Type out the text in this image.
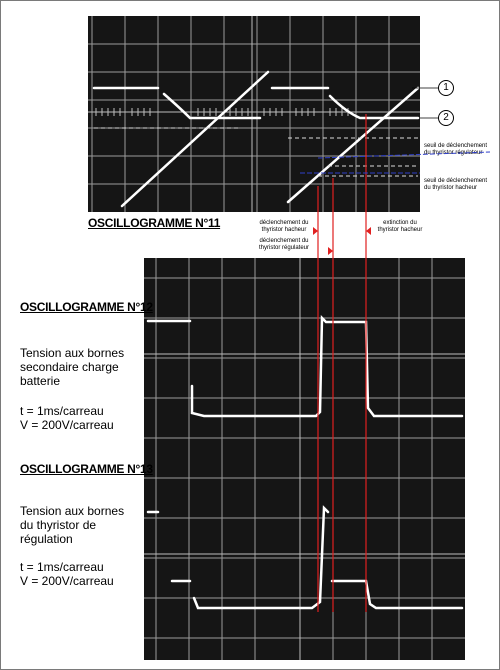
1
2
seuil de déclenchement
du thyristor régulateur
seuil de déclenchement
du thyristor hacheur
OSCILLOGRAMME N°11	déclenchement du
thyristor hacheur
déclenchement du
thyristor régulateur
extinction du
thyristor hacheur
OSCILLOGRAMME N°12
Tension aux bornes
secondaire charge
batterie
t = 1ms/carreau
V = 200V/carreau
OSCILLOGRAMME N°13
Tension aux bornes
du thyristor de
régulation
t = 1ms/carreau
V = 200V/carreau
